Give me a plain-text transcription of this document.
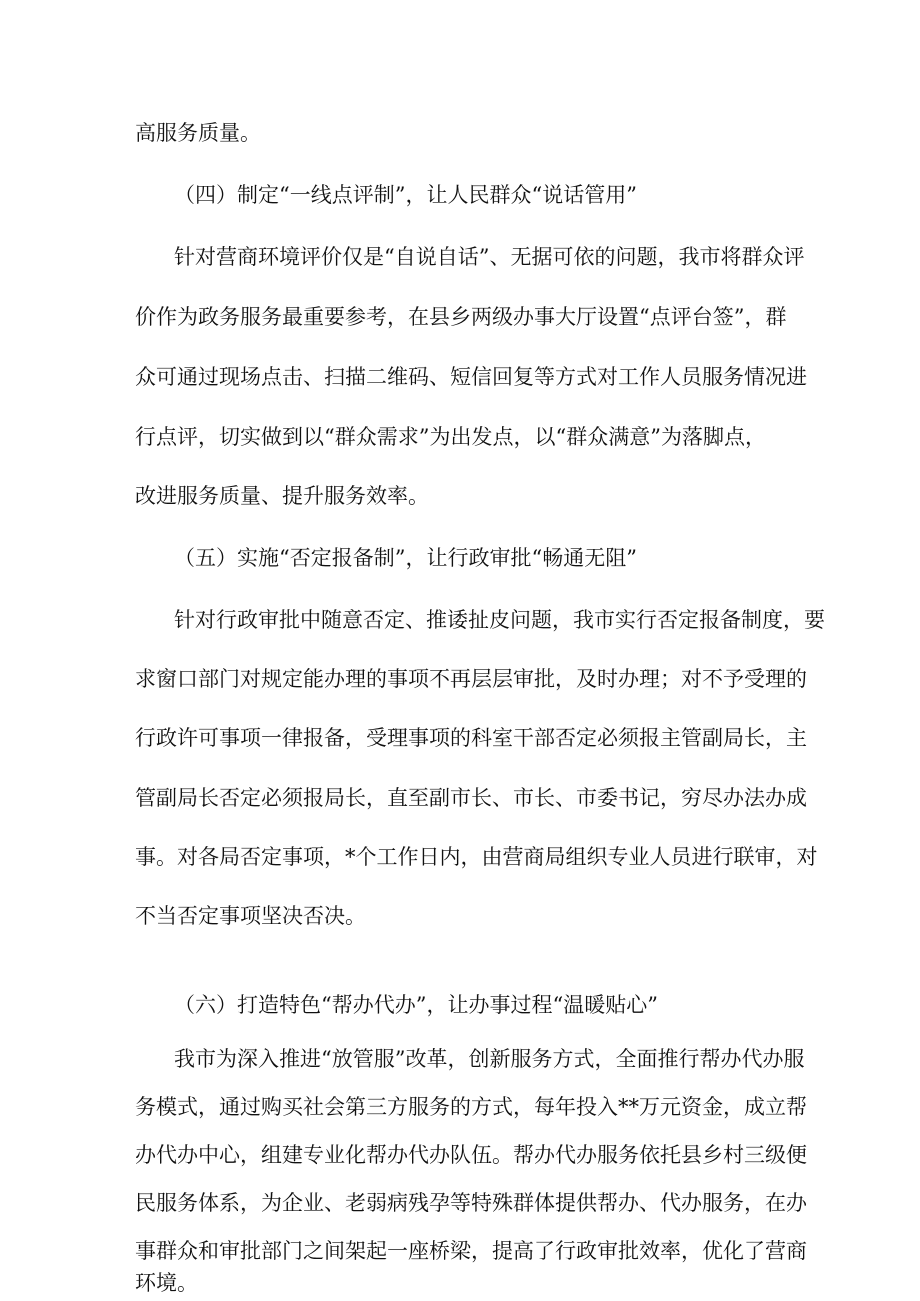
高服务质量。
（四）制定“一线点评制”，让人民群众“说话管用”
针对营商环境评价仅是“自说自话”、无据可依的问题，我市将群众评
价作为政务服务最重要参考，在县乡两级办事大厅设置“点评台签”，群
众可通过现场点击、扫描二维码、短信回复等方式对工作人员服务情况进
行点评，切实做到以“群众需求”为出发点，以“群众满意”为落脚点，
改进服务质量、提升服务效率。
（五）实施“否定报备制”，让行政审批“畅通无阻”
针对行政审批中随意否定、推诿扯皮问题，我市实行否定报备制度，要
求窗口部门对规定能办理的事项不再层层审批，及时办理；对不予受理的
行政许可事项一律报备，受理事项的科室干部否定必须报主管副局长，主
管副局长否定必须报局长，直至副市长、市长、市委书记，穷尽办法办成
事。对各局否定事项，*个工作日内，由营商局组织专业人员进行联审，对
不当否定事项坚决否决。
（六）打造特色“帮办代办”，让办事过程“温暖贴心”
我市为深入推进“放管服”改革，创新服务方式，全面推行帮办代办服
务模式，通过购买社会第三方服务的方式，每年投入**万元资金，成立帮
办代办中心，组建专业化帮办代办队伍。帮办代办服务依托县乡村三级便
民服务体系，为企业、老弱病残孕等特殊群体提供帮办、代办服务，在办
事群众和审批部门之间架起一座桥梁，提高了行政审批效率，优化了营商
环境。
